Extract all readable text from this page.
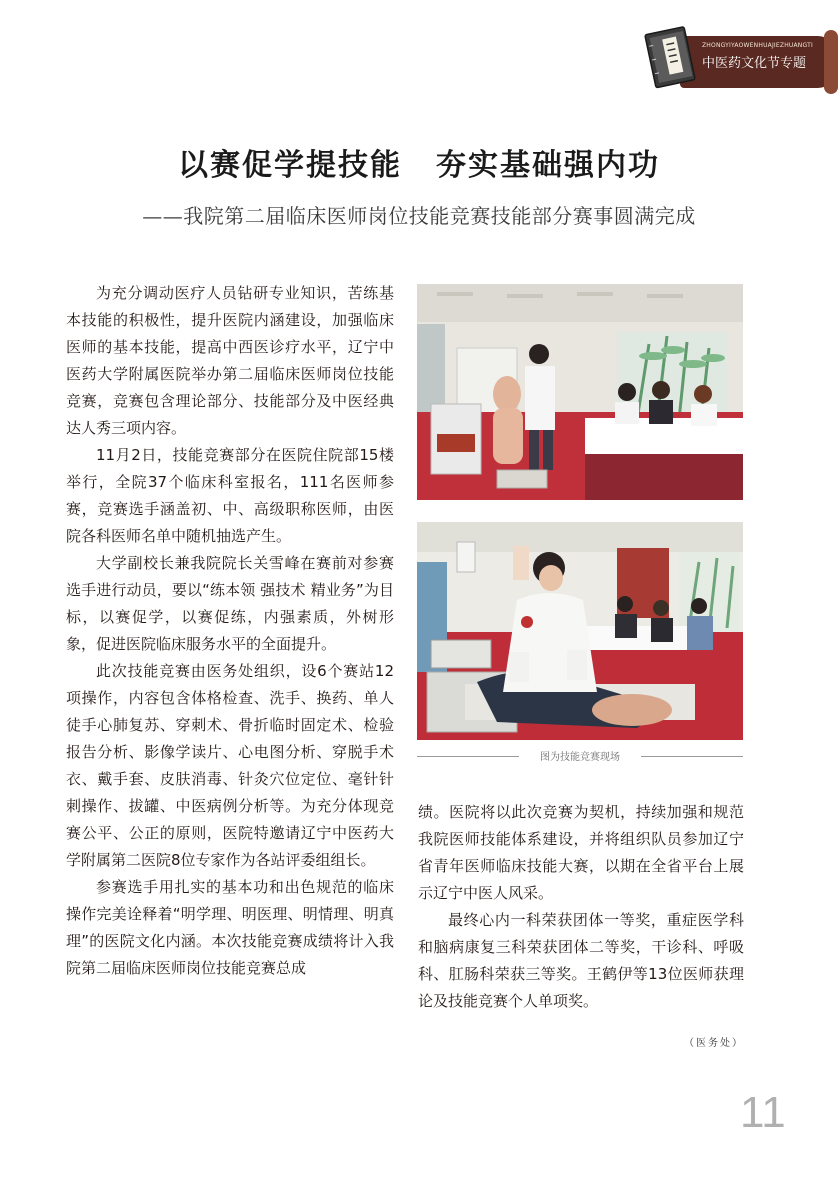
ZHONGYIYAOWENHUAJIEZHUANGTI
中医药文化节专题
以赛促学提技能 夯实基础强内功
——我院第二届临床医师岗位技能竞赛技能部分赛事圆满完成

为充分调动医疗人员钻研专业知识，苦练基本技能的积极性，提升医院内涵建设，加强临床医师的基本技能，提高中西医诊疗水平，辽宁中医药大学附属医院举办第二届临床医师岗位技能竞赛，竞赛包含理论部分、技能部分及中医经典达人秀三项内容。

11月2日，技能竞赛部分在医院住院部15楼举行，全院37个临床科室报名，111名医师参赛，竞赛选手涵盖初、中、高级职称医师，由医院各科医师名单中随机抽选产生。

大学副校长兼我院院长关雪峰在赛前对参赛选手进行动员，要以“练本领 强技术 精业务”为目标，以赛促学，以赛促练，内强素质，外树形象，促进医院临床服务水平的全面提升。

此次技能竞赛由医务处组织，设6个赛站12项操作，内容包含体格检查、洗手、换药、单人徒手心肺复苏、穿刺术、骨折临时固定术、检验报告分析、影像学读片、心电图分析、穿脱手术衣、戴手套、皮肤消毒、针灸穴位定位、毫针针刺操作、拔罐、中医病例分析等。为充分体现竞赛公平、公正的原则，医院特邀请辽宁中医药大学附属第二医院8位专家作为各站评委组组长。

参赛选手用扎实的基本功和出色规范的临床操作完美诠释着“明学理、明医理、明情理、明真理”的医院文化内涵。本次技能竞赛成绩将计入我院第二届临床医师岗位技能竞赛总成

图为技能竞赛现场

绩。医院将以此次竞赛为契机，持续加强和规范我院医师技能体系建设，并将组织队员参加辽宁省青年医师临床技能大赛，以期在全省平台上展示辽宁中医人风采。

最终心内一科荣获团体一等奖，重症医学科和脑病康复三科荣获团体二等奖，干诊科、呼吸科、肛肠科荣获三等奖。王鹤伊等13位医师获理论及技能竞赛个人单项奖。

（医务处）
11
